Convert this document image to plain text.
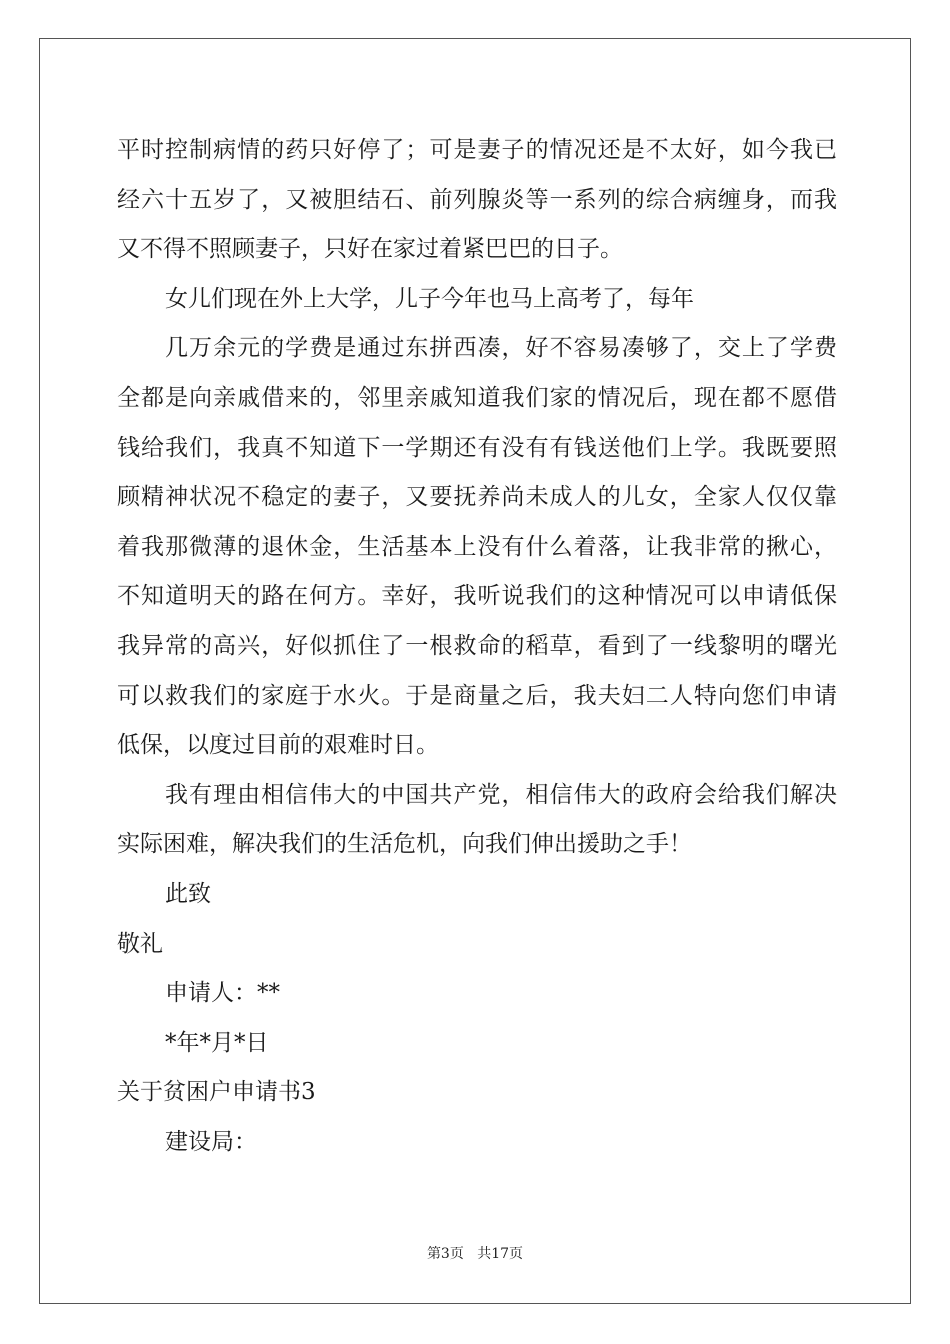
平时控制病情的药只好停了；可是妻子的情况还是不太好，如今我已
经六十五岁了，又被胆结石、前列腺炎等一系列的综合病缠身，而我
又不得不照顾妻子，只好在家过着紧巴巴的日子。
女儿们现在外上大学，儿子今年也马上高考了，每年
几万余元的学费是通过东拼西凑，好不容易凑够了，交上了学费
全都是向亲戚借来的，邻里亲戚知道我们家的情况后，现在都不愿借
钱给我们，我真不知道下一学期还有没有有钱送他们上学。我既要照
顾精神状况不稳定的妻子，又要抚养尚未成人的儿女，全家人仅仅靠
着我那微薄的退休金，生活基本上没有什么着落，让我非常的揪心，
不知道明天的路在何方。幸好，我听说我们的这种情况可以申请低保
我异常的高兴，好似抓住了一根救命的稻草，看到了一线黎明的曙光
可以救我们的家庭于水火。于是商量之后，我夫妇二人特向您们申请
低保，以度过目前的艰难时日。
我有理由相信伟大的中国共产党，相信伟大的政府会给我们解决
实际困难，解决我们的生活危机，向我们伸出援助之手！
此致
敬礼
申请人：**
*年*月*日
关于贫困户申请书3
建设局：
第3页 共17页
